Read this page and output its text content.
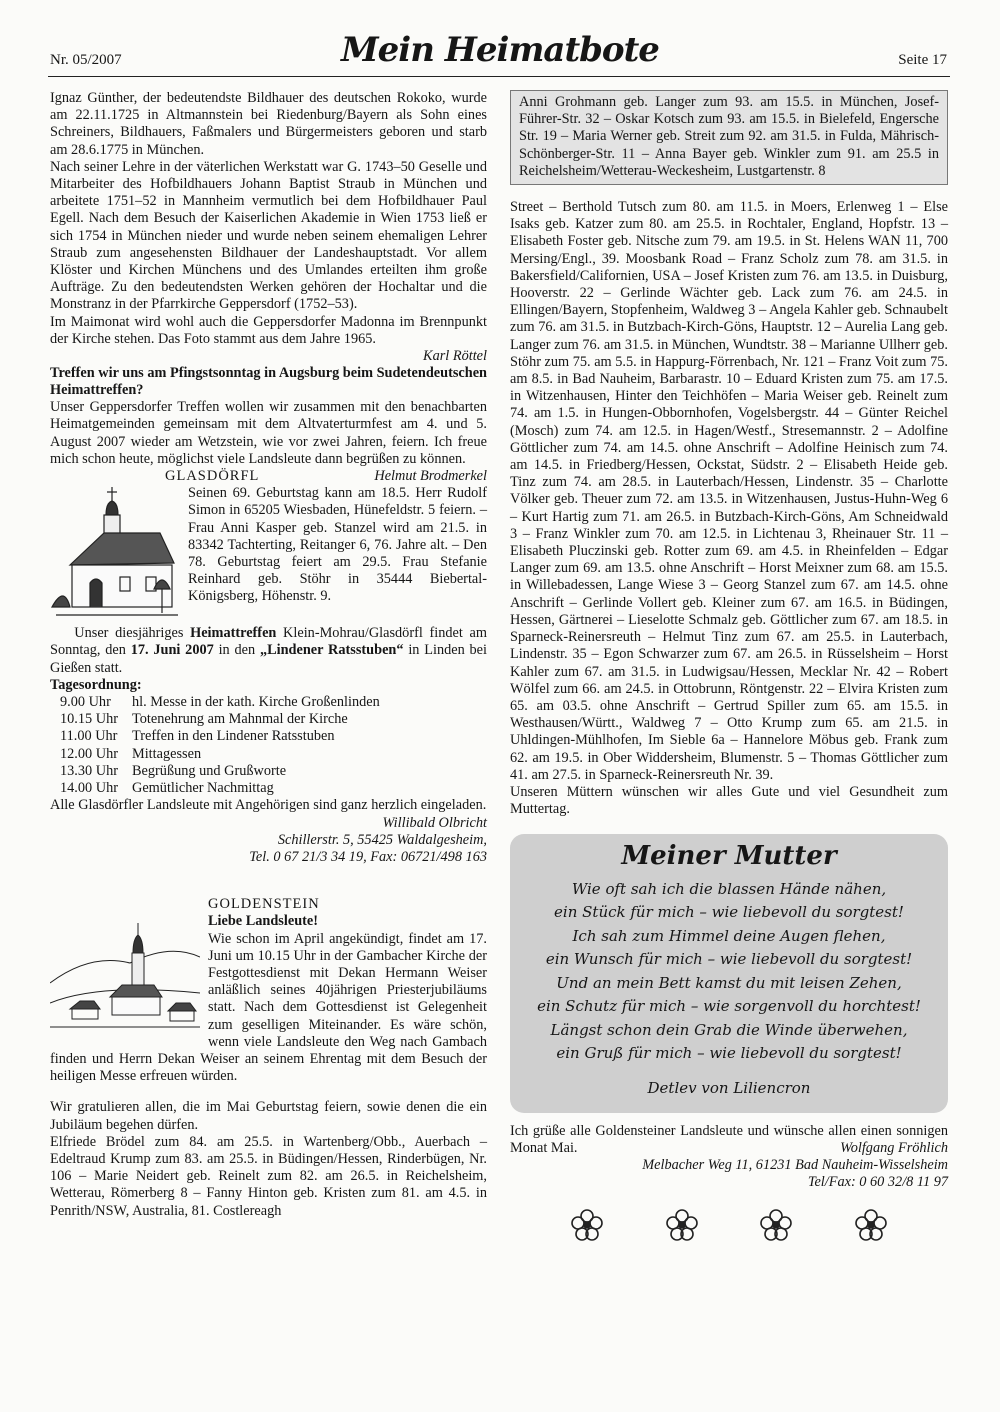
Nr. 05/2007	Mein Heimatbote	Seite 17

Ignaz Günther, der bedeutendste Bildhauer des deutschen Rokoko, wurde am 22.11.1725 in Altmannstein bei Riedenburg/Bayern als Sohn eines Schreiners, Bildhauers, Faßmalers und Bürgermeisters geboren und starb am 28.6.1775 in München.

Nach seiner Lehre in der väterlichen Werkstatt war G. 1743–50 Geselle und Mitarbeiter des Hofbildhauers Johann Baptist Straub in München und arbeitete 1751–52 in Mannheim vermutlich bei dem Hofbildhauer Paul Egell. Nach dem Besuch der Kaiserlichen Akademie in Wien 1753 ließ er sich 1754 in München nieder und wurde neben seinem ehemaligen Lehrer Straub zum angesehensten Bildhauer der Landeshauptstadt. Vor allem Klöster und Kirchen Münchens und des Umlandes erteilten ihm große Aufträge. Zu den bedeutendsten Werken gehören der Hochaltar und die Monstranz in der Pfarrkirche Geppersdorf (1752–53).

Im Maimonat wird wohl auch die Geppersdorfer Madonna im Brennpunkt der Kirche stehen. Das Foto stammt aus dem Jahre 1965.

Karl Röttel

Treffen wir uns am Pfingstsonntag in Augsburg beim Sudetendeutschen Heimattreffen?

Unser Geppersdorfer Treffen wollen wir zusammen mit den benachbarten Heimatgemeinden gemeinsam mit dem Altvaterturmfest am 4. und 5. August 2007 wieder am Wetzstein, wie vor zwei Jahren, feiern. Ich freue mich schon heute, möglichst viele Landsleute dann begrüßen zu können.
Helmut Brodmerkel

GLASDÖRFL

Seinen 69. Geburtstag kann am 18.5. Herr Rudolf Simon in 65205 Wiesbaden, Hünefeldstr. 5 feiern. – Frau Anni Kasper geb. Stanzel wird am 21.5. in 83342 Tachterting, Reitanger 6, 76. Jahre alt. – Den 78. Geburtstag feiert am 29.5. Frau Stefanie Reinhard geb. Stöhr in 35444 Biebertal-Königsberg, Höhenstr. 9.

Unser diesjähriges Heimattreffen Klein-Mohrau/Glasdörfl findet am Sonntag, den 17. Juni 2007 in den „Lindener Ratsstuben“ in Linden bei Gießen statt.

Tagesordnung:

9.00 Uhr	hl. Messe in der kath. Kirche Großenlinden
10.15 Uhr Totenehrung am Mahnmal der Kirche
11.00 Uhr	Treffen in den Lindener Ratsstuben
12.00 Uhr Mittagessen
13.30 Uhr Begrüßung und Grußworte
14.00 Uhr Gemütlicher Nachmittag

Alle Glasdörfler Landsleute mit Angehörigen sind ganz herzlich eingeladen.

Willibald Olbricht

Schillerstr. 5, 55425 Waldalgesheim,

Tel. 0 67 21/3 34 19, Fax: 06721/498 163

GOLDENSTEIN

Liebe Landsleute!

Wie schon im April angekündigt, findet am 17. Juni um 10.15 Uhr in der Gambacher Kirche der Festgottesdienst mit Dekan Hermann Weiser anläßlich seines 40jährigen Priesterjubiläums statt. Nach dem Gottesdienst ist Gelegenheit zum geselligen Miteinander. Es wäre schön, wenn viele Landsleute den Weg nach Gambach finden und Herrn Dekan Weiser an seinem Ehrentag mit dem Besuch der heiligen Messe erfreuen würden.

Wir gratulieren allen, die im Mai Geburtstag feiern, sowie denen die ein Jubiläum begehen dürfen.

Elfriede Brödel zum 84. am 25.5. in Wartenberg/Obb., Auerbach – Edeltraud Krump zum 83. am 25.5. in Büdingen/Hessen, Rinderbügen, Nr. 106 – Marie Neidert geb. Reinelt zum 82. am 26.5. in Reichelsheim, Wetterau, Römerberg 8 – Fanny Hinton geb. Kristen zum 81. am 4.5. in Penrith/NSW, Australia, 81. Costlereagh

Anni Grohmann geb. Langer zum 93. am 15.5. in München, Josef-Führer-Str. 32 – Oskar Kotsch zum 93. am 15.5. in Bielefeld, Engersche Str. 19 – Maria Werner geb. Streit zum 92. am 31.5. in Fulda, Mährisch-Schönberger-Str. 11 – Anna Bayer geb. Winkler zum 91. am 25.5 in Reichelsheim/Wetterau-Weckesheim, Lustgartenstr. 8

Street – Berthold Tutsch zum 80. am 11.5. in Moers, Erlenweg 1 – Else Isaks geb. Katzer zum 80. am 25.5. in Rochtaler, England, Hopfstr. 13 – Elisabeth Foster geb. Nitsche zum 79. am 19.5. in St. Helens WAN 11, 700 Mersing/Engl., 39. Moosbank Road – Franz Scholz zum 78. am 31.5. in Bakersfield/Californien, USA – Josef Kristen zum 76. am 13.5. in Duisburg, Hooverstr. 22 – Gerlinde Wächter geb. Lack zum 76. am 24.5. in Ellingen/Bayern, Stopfenheim, Waldweg 3 – Angela Kahler geb. Schnaubelt zum 76. am 31.5. in Butzbach-Kirch-Göns, Hauptstr. 12 – Aurelia Lang geb. Langer zum 76. am 31.5. in München, Wundtstr. 38 – Marianne Ullherr geb. Stöhr zum 75. am 5.5. in Happurg-Förrenbach, Nr. 121 – Franz Voit zum 75. am 8.5. in Bad Nauheim, Barbarastr. 10 – Eduard Kristen zum 75. am 17.5. in Witzenhausen, Hinter den Teichhöfen – Maria Weiser geb. Reinelt zum 74. am 1.5. in Hungen-Obbornhofen, Vogelsbergstr. 44 – Günter Reichel (Mosch) zum 74. am 12.5. in Hagen/Westf., Stresemannstr. 2 – Adolfine Göttlicher zum 74. am 14.5. ohne Anschrift – Adolfine Heinisch zum 74. am 14.5. in Friedberg/Hessen, Ockstat, Südstr. 2 – Elisabeth Heide geb. Tinz zum 74. am 28.5. in Lauterbach/Hessen, Lindenstr. 35 – Charlotte Völker geb. Theuer zum 72. am 13.5. in Witzenhausen, Justus-Huhn-Weg 6 – Kurt Hartig zum 71. am 26.5. in Butzbach-Kirch-Göns, Am Schneidwald 3 – Franz Winkler zum 70. am 12.5. in Lichtenau 3, Rheinauer Str. 11 – Elisabeth Pluczinski geb. Rotter zum 69. am 4.5. in Rheinfelden – Edgar Langer zum 69. am 13.5. ohne Anschrift – Horst Meixner zum 68. am 15.5. in Willebadessen, Lange Wiese 3 – Georg Stanzel zum 67. am 14.5. ohne Anschrift – Gerlinde Vollert geb. Kleiner zum 67. am 16.5. in Büdingen, Hessen, Gärtnerei – Lieselotte Schmalz geb. Göttlicher zum 67. am 18.5. in Sparneck-Reinersreuth – Helmut Tinz zum 67. am 25.5. in Lauterbach, Lindenstr. 35 – Egon Schwarzer zum 67. am 26.5. in Rüsselsheim – Horst Kahler zum 67. am 31.5. in Ludwigsau/Hessen, Mecklar Nr. 42 – Robert Wölfel zum 66. am 24.5. in Ottobrunn, Röntgenstr. 22 – Elvira Kristen zum 65. am 03.5. ohne Anschrift – Gertrud Spiller zum 65. am 15.5. in Westhausen/Württ., Waldweg 7 – Otto Krump zum 65. am 21.5. in Uhldingen-Mühlhofen, Im Sieble 6a – Hannelore Möbus geb. Frank zum 62. am 19.5. in Ober Widdersheim, Blumenstr. 5 – Thomas Göttlicher zum 41. am 27.5. in Sparneck-Reinersreuth Nr. 39.

Unseren Müttern wünschen wir alles Gute und viel Gesundheit zum Muttertag.

Meiner Mutter
Wie oft sah ich die blassen Hände nähen,
ein Stück für mich – wie liebevoll du sorgtest!
Ich sah zum Himmel deine Augen flehen,
ein Wunsch für mich – wie liebevoll du sorgtest!
Und an mein Bett kamst du mit leisen Zehen,
ein Schutz für mich – wie sorgenvoll du horchtest!
Längst schon dein Grab die Winde überwehen,
ein Gruß für mich – wie liebevoll du sorgtest!
Detlev von Liliencron

Ich grüße alle Goldensteiner Landsleute und wünsche allen einen sonnigen Monat Mai.	Wolfgang Fröhlich

Melbacher Weg 11, 61231 Bad Nauheim-Wisselsheim

Tel/Fax: 0 60 32/8 11 97
